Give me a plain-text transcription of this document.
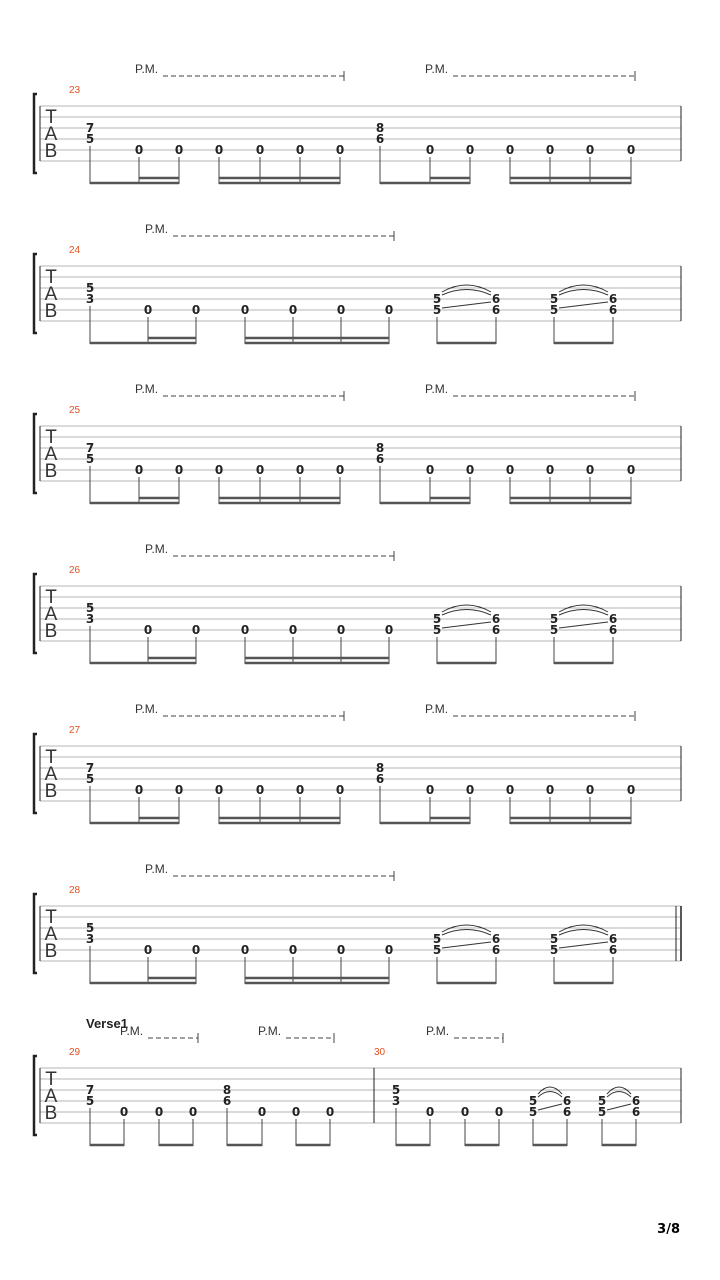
T
A
B
23
P.M.	P.M.
7
5
0	0	0	0	0	0
8
6
0	0	0	0	0	0
T
A
B
24
P.M.
5
3
0	0	0	0	0	0
5
5
6
6
5
5
6
6
T
A
B
25
P.M.	P.M.
7
5
0	0	0	0	0	0
8
6
0	0	0	0	0	0
T
A
B
26
P.M.
5
3
0	0	0	0	0	0
5
5
6
6
5
5
6
6
T
A
B
27
P.M.	P.M.
7
5
0	0	0	0	0	0
8
6
0	0	0	0	0	0
T
A
B
28
P.M.
5
3
0	0	0	0	0	0
5
5
6
6
5
5
6
6
T
A
B
29	30
Verse1
P.M.	P.M.	P.M.
7
5
0 0 0
8
6
0 0 0
5
3
0 0 0
5
5
6
6
5
5
6
6
3/8
